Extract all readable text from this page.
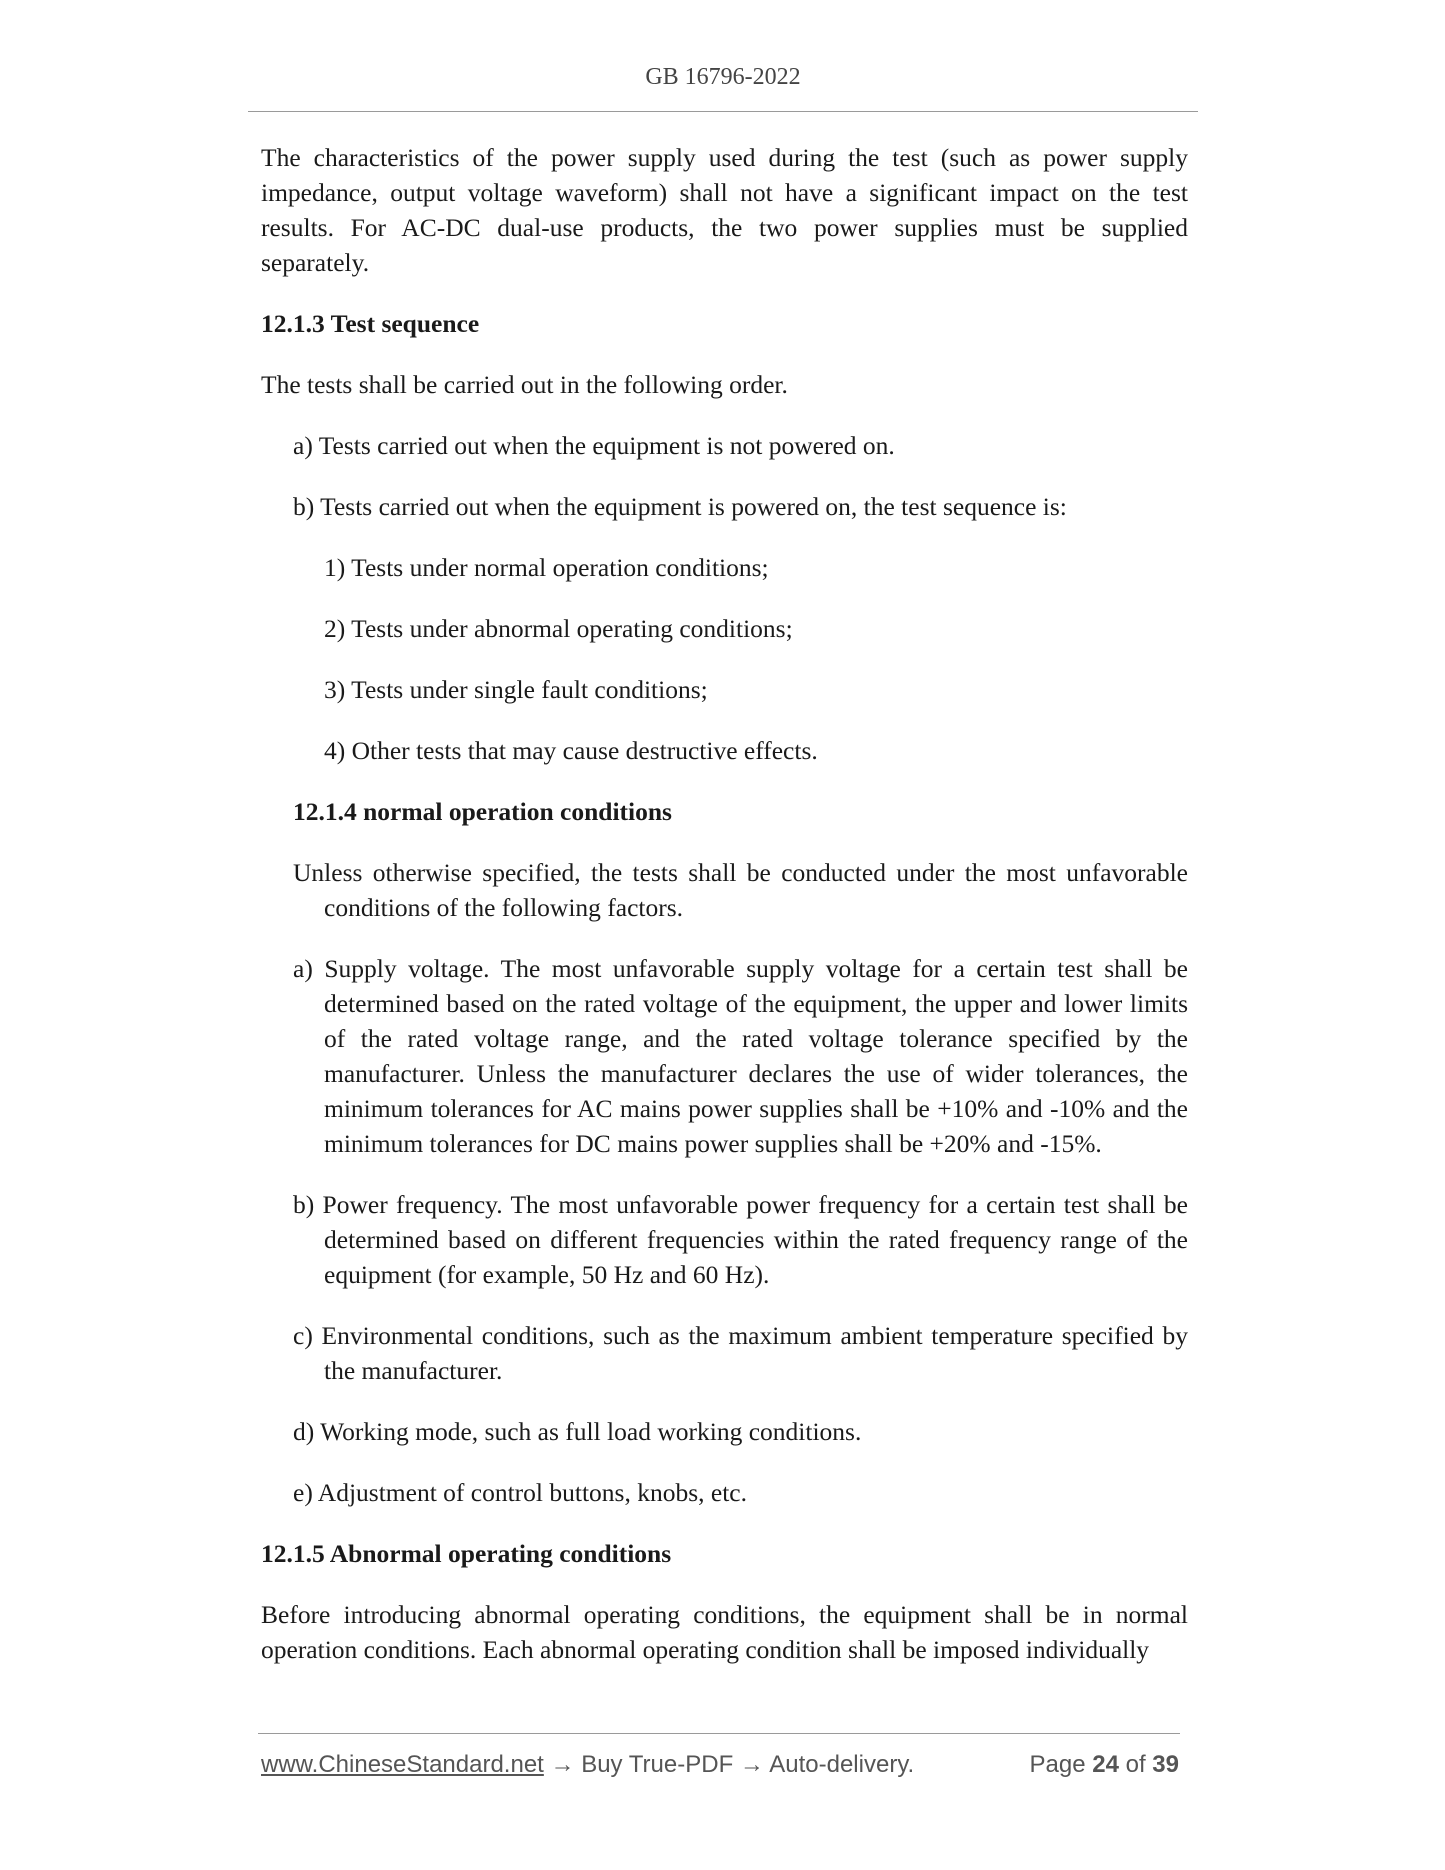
GB 16796-2022

The characteristics of the power supply used during the test (such as power supply impedance, output voltage waveform) shall not have a significant impact on the test results. For AC-DC dual-use products, the two power supplies must be supplied separately.

12.1.3 Test sequence

The tests shall be carried out in the following order.

a) Tests carried out when the equipment is not powered on.

b) Tests carried out when the equipment is powered on, the test sequence is:

1) Tests under normal operation conditions;

2) Tests under abnormal operating conditions;

3) Tests under single fault conditions;

4) Other tests that may cause destructive effects.

12.1.4 normal operation conditions

Unless otherwise specified, the tests shall be conducted under the most unfavorable conditions of the following factors.

a) Supply voltage. The most unfavorable supply voltage for a certain test shall be determined based on the rated voltage of the equipment, the upper and lower limits of the rated voltage range, and the rated voltage tolerance specified by the manufacturer. Unless the manufacturer declares the use of wider tolerances, the minimum tolerances for AC mains power supplies shall be +10% and -10% and the minimum tolerances for DC mains power supplies shall be +20% and -15%.

b) Power frequency. The most unfavorable power frequency for a certain test shall be determined based on different frequencies within the rated frequency range of the equipment (for example, 50 Hz and 60 Hz).

c) Environmental conditions, such as the maximum ambient temperature specified by the manufacturer.

d) Working mode, such as full load working conditions.

e) Adjustment of control buttons, knobs, etc.

12.1.5 Abnormal operating conditions

Before introducing abnormal operating conditions, the equipment shall be in normal operation conditions. Each abnormal operating condition shall be imposed individually

www.ChineseStandard.net → Buy True-PDF → Auto-delivery.	Page 24 of 39
